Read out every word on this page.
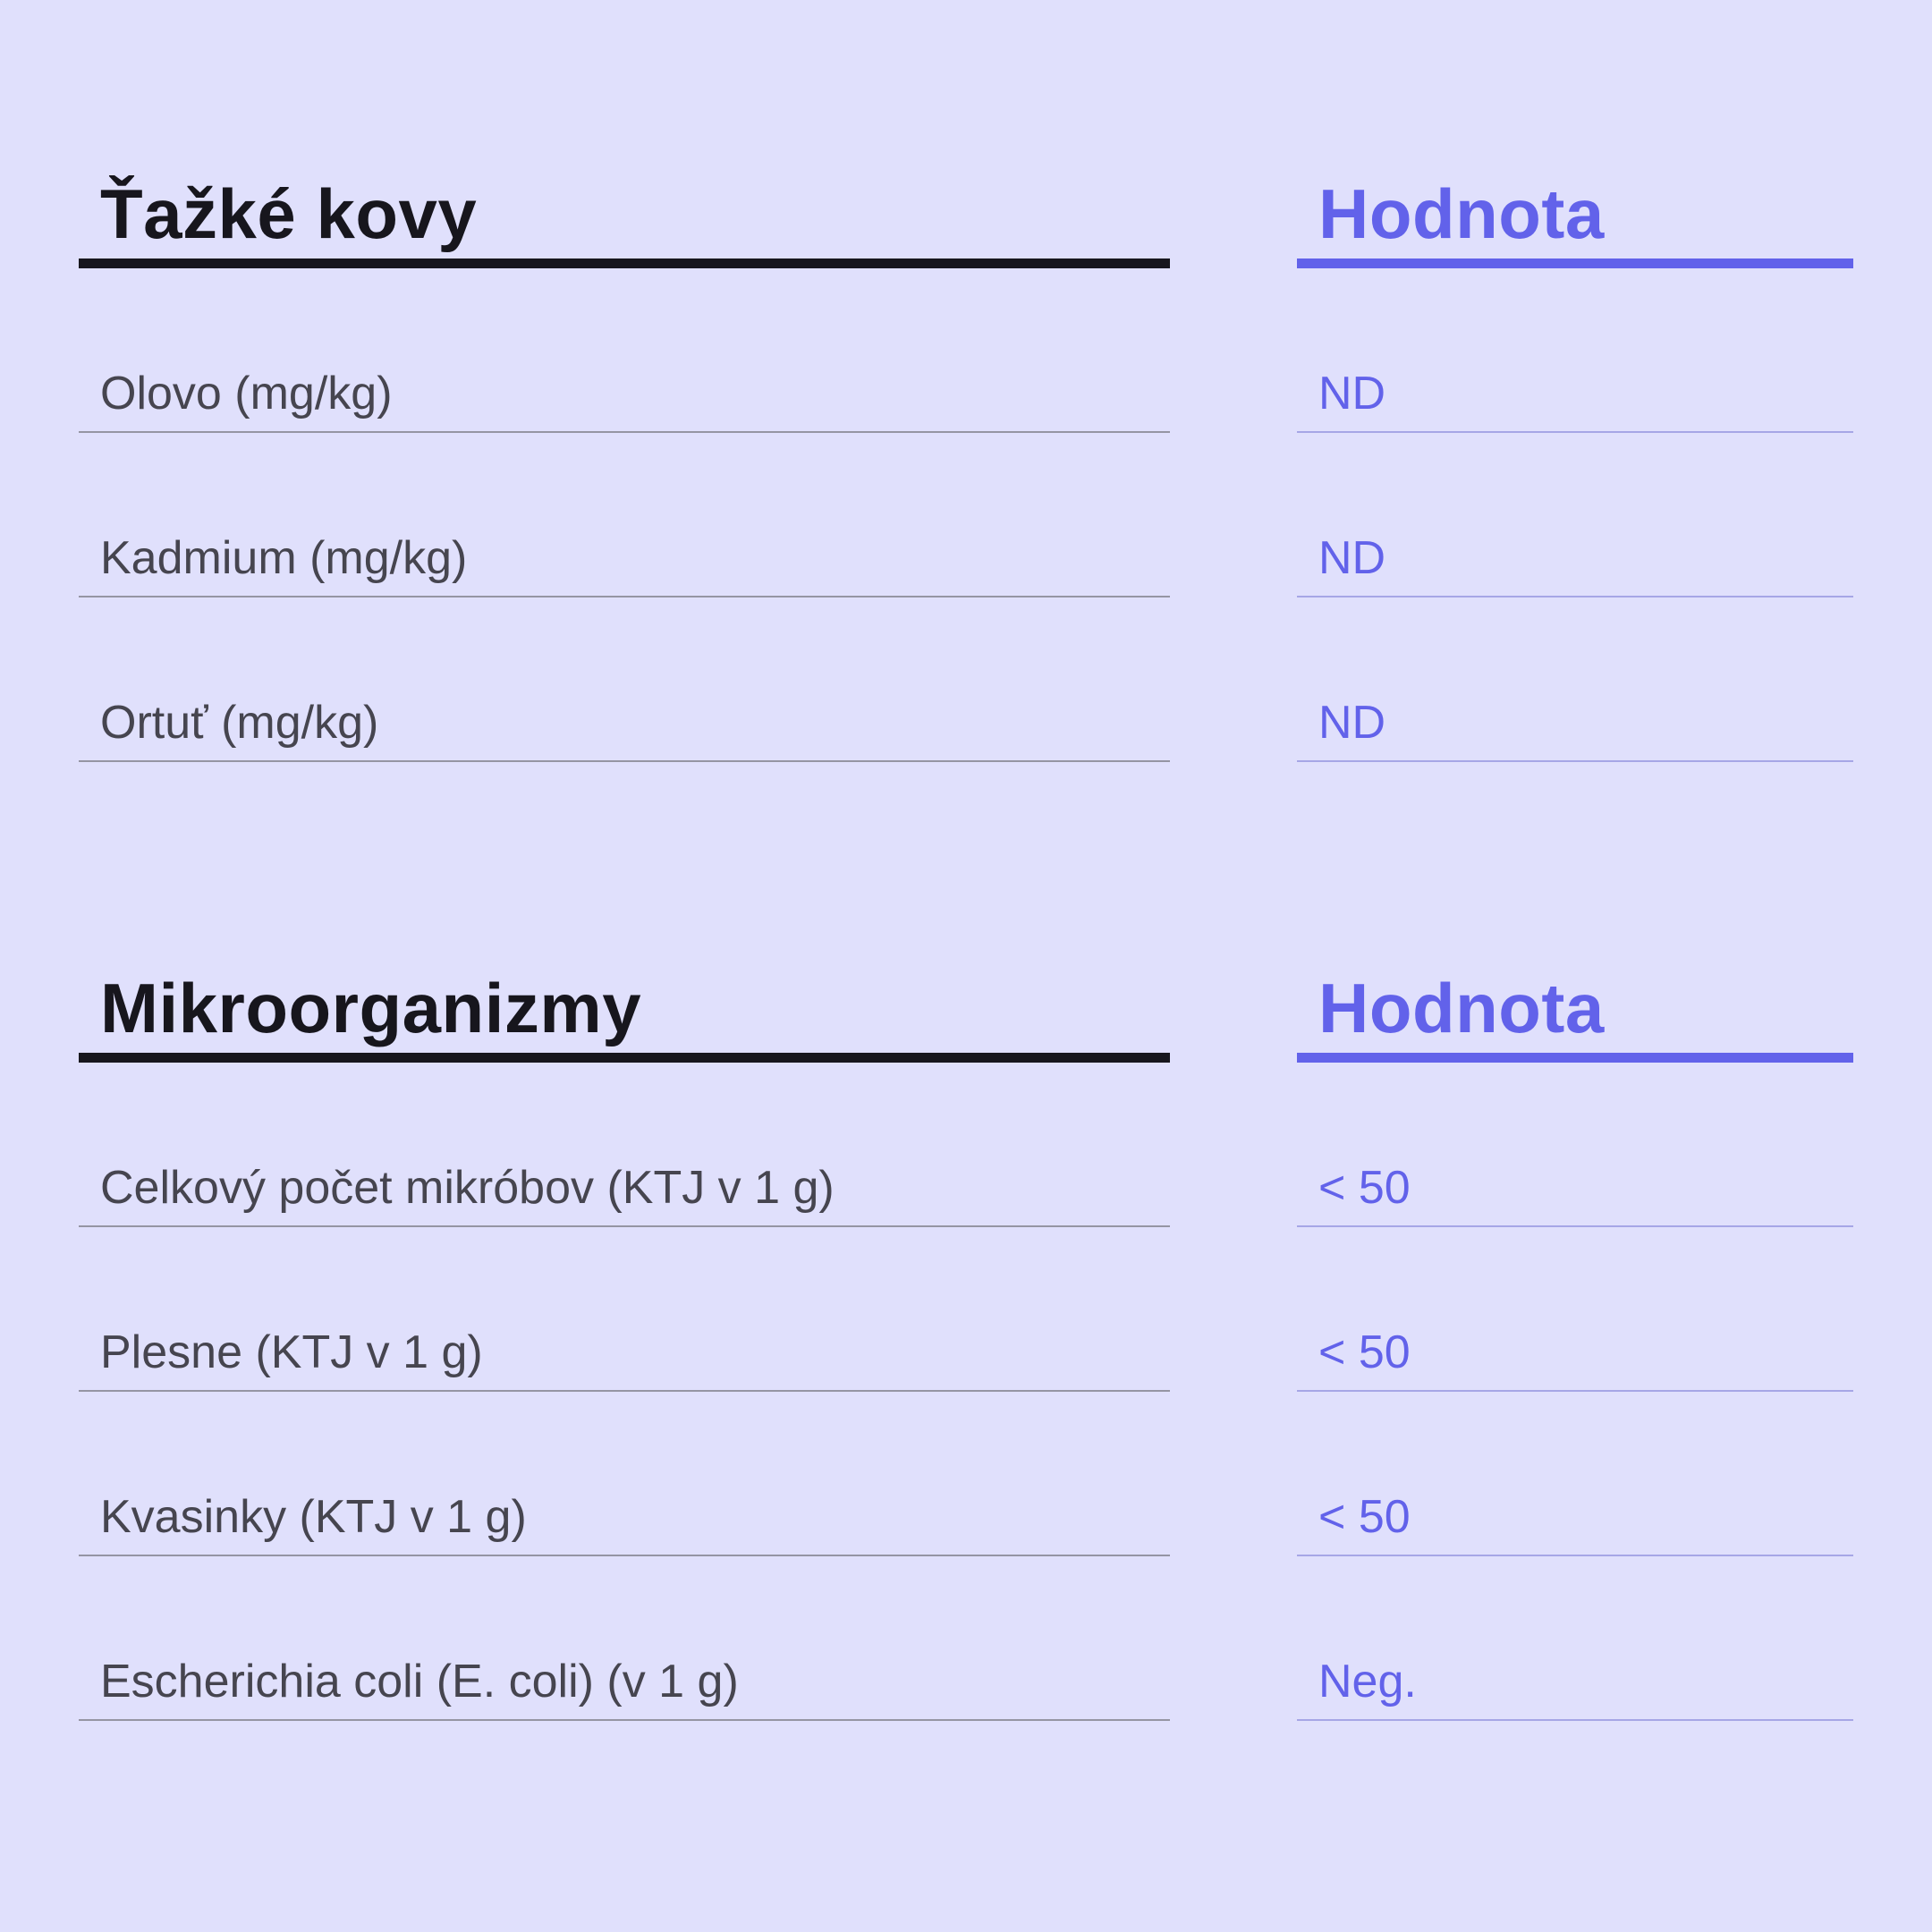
Ťažké kovy
Olovo (mg/kg)
Kadmium (mg/kg)
Ortuť (mg/kg)
Hodnota
ND
ND
ND
Mikroorganizmy
Celkový počet mikróbov (KTJ v 1 g)
Plesne (KTJ v 1 g)
Kvasinky (KTJ v 1 g)
Escherichia coli (E. coli) (v 1 g)
Hodnota
< 50
< 50
< 50
Neg.
